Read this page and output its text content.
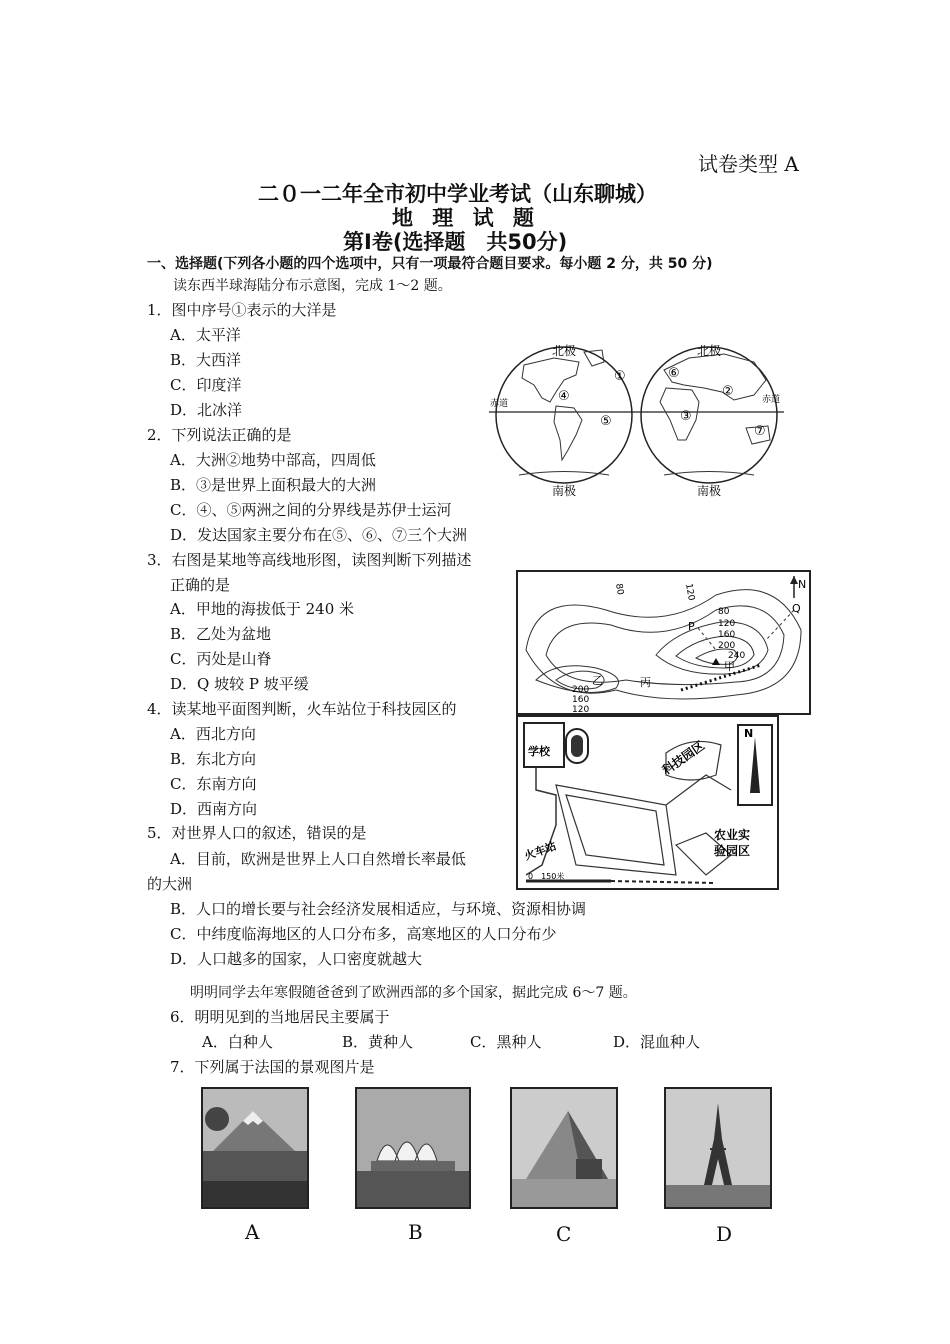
试卷类型 A
二０一二年全市初中学业考试（山东聊城）
地 理 试 题
第Ⅰ卷(选择题　共50分)
一、选择题(下列各小题的四个选项中，只有一项最符合题目要求。每小题 2 分，共 50 分)
读东西半球海陆分布示意图，完成 1～2 题。
1．图中序号①表示的大洋是
A．太平洋
B．大西洋
C．印度洋
D．北冰洋
2．下列说法正确的是
A．大洲②地势中部高，四周低
B．③是世界上面积最大的大洲
C．④、⑤两洲之间的分界线是苏伊士运河
D．发达国家主要分布在⑤、⑥、⑦三个大洲
3．右图是某地等高线地形图，读图判断下列描述
正确的是
A．甲地的海拔低于 240 米
B．乙处为盆地
C．丙处是山脊
D．Q 坡较 P 坡平缓
4．读某地平面图判断，火车站位于科技园区的
A．西北方向
B．东北方向
C．东南方向
D．西南方向
5．对世界人口的叙述，错误的是
A．目前，欧洲是世界上人口自然增长率最低
的大洲
B．人口的增长要与社会经济发展相适应，与环境、资源相协调
C．中纬度临海地区的人口分布多，高寒地区的人口分布少
D．人口越多的国家，人口密度就越大
明明同学去年寒假随爸爸到了欧洲西部的多个国家，据此完成 6～7 题。
6．明明见到的当地居民主要属于
A．白种人	B．黄种人	C．黑种人	D．混血种人
7．下列属于法国的景观图片是
北极	北极
南极	南极
赤道	赤道
①
②
③
④
⑤
⑥
⑦
80	120
80
120
160
200
240
200
160
120
甲
乙	丙
P
Q
N
学校	科技园区
农业实
验园区
火车站
N
0　150米
A	B	C	D
